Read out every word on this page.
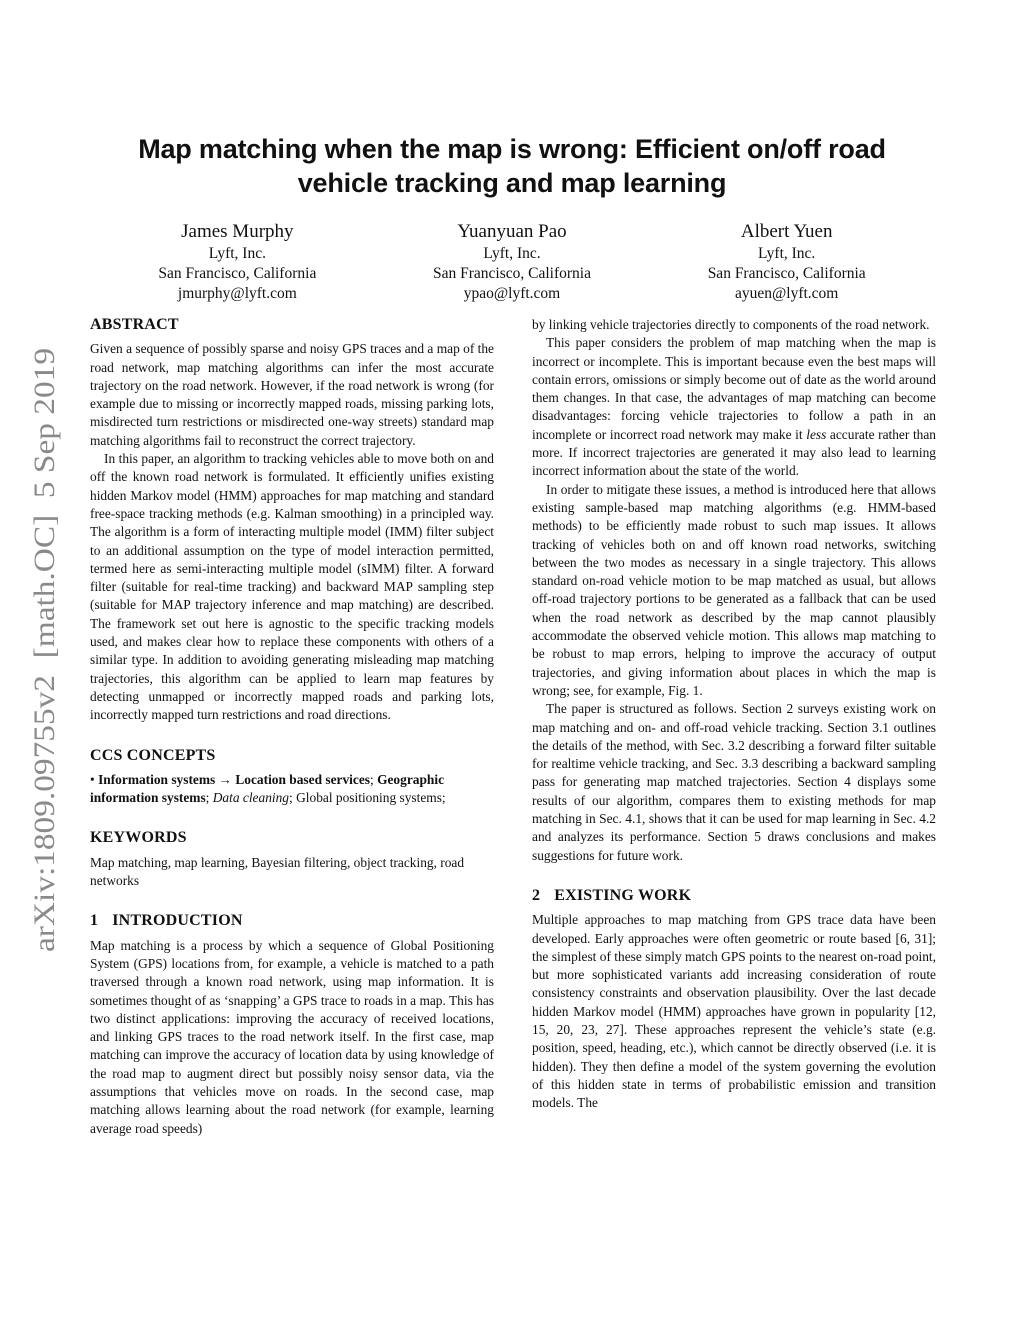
arXiv:1809.09755v2  [math.OC]  5 Sep 2019
Map matching when the map is wrong: Efficient on/off road
vehicle tracking and map learning
James Murphy
Lyft, Inc.
San Francisco, California
jmurphy@lyft.com
Yuanyuan Pao
Lyft, Inc.
San Francisco, California
ypao@lyft.com
Albert Yuen
Lyft, Inc.
San Francisco, California
ayuen@lyft.com
ABSTRACT

Given a sequence of possibly sparse and noisy GPS traces and a map of the road network, map matching algorithms can infer the most accurate trajectory on the road network. However, if the road network is wrong (for example due to missing or incorrectly mapped roads, missing parking lots, misdirected turn restrictions or misdirected one-way streets) standard map matching algorithms fail to reconstruct the correct trajectory.

In this paper, an algorithm to tracking vehicles able to move both on and off the known road network is formulated. It efficiently unifies existing hidden Markov model (HMM) approaches for map matching and standard free-space tracking methods (e.g. Kalman smoothing) in a principled way. The algorithm is a form of interacting multiple model (IMM) filter subject to an additional assumption on the type of model interaction permitted, termed here as semi-interacting multiple model (sIMM) filter. A forward filter (suitable for real-time tracking) and backward MAP sampling step (suitable for MAP trajectory inference and map matching) are described. The framework set out here is agnostic to the specific tracking models used, and makes clear how to replace these components with others of a similar type. In addition to avoiding generating misleading map matching trajectories, this algorithm can be applied to learn map features by detecting unmapped or incorrectly mapped roads and parking lots, incorrectly mapped turn restrictions and road directions.

CCS CONCEPTS

• Information systems → Location based services; Geographic information systems; Data cleaning; Global positioning systems;

KEYWORDS

Map matching, map learning, Bayesian filtering, object tracking, road networks

1 INTRODUCTION

Map matching is a process by which a sequence of Global Positioning System (GPS) locations from, for example, a vehicle is matched to a path traversed through a known road network, using map information. It is sometimes thought of as ‘snapping’ a GPS trace to roads in a map. This has two distinct applications: improving the accuracy of received locations, and linking GPS traces to the road network itself. In the first case, map matching can improve the accuracy of location data by using knowledge of the road map to augment direct but possibly noisy sensor data, via the assumptions that vehicles move on roads. In the second case, map matching allows learning about the road network (for example, learning average road speeds)

by linking vehicle trajectories directly to components of the road network.

This paper considers the problem of map matching when the map is incorrect or incomplete. This is important because even the best maps will contain errors, omissions or simply become out of date as the world around them changes. In that case, the advantages of map matching can become disadvantages: forcing vehicle trajectories to follow a path in an incomplete or incorrect road network may make it less accurate rather than more. If incorrect trajectories are generated it may also lead to learning incorrect information about the state of the world.

In order to mitigate these issues, a method is introduced here that allows existing sample-based map matching algorithms (e.g. HMM-based methods) to be efficiently made robust to such map issues. It allows tracking of vehicles both on and off known road networks, switching between the two modes as necessary in a single trajectory. This allows standard on-road vehicle motion to be map matched as usual, but allows off-road trajectory portions to be generated as a fallback that can be used when the road network as described by the map cannot plausibly accommodate the observed vehicle motion. This allows map matching to be robust to map errors, helping to improve the accuracy of output trajectories, and giving information about places in which the map is wrong; see, for example, Fig. 1.

The paper is structured as follows. Section 2 surveys existing work on map matching and on- and off-road vehicle tracking. Section 3.1 outlines the details of the method, with Sec. 3.2 describing a forward filter suitable for realtime vehicle tracking, and Sec. 3.3 describing a backward sampling pass for generating map matched trajectories. Section 4 displays some results of our algorithm, compares them to existing methods for map matching in Sec. 4.1, shows that it can be used for map learning in Sec. 4.2 and analyzes its performance. Section 5 draws conclusions and makes suggestions for future work.

2 EXISTING WORK

Multiple approaches to map matching from GPS trace data have been developed. Early approaches were often geometric or route based [6, 31]; the simplest of these simply match GPS points to the nearest on-road point, but more sophisticated variants add increasing consideration of route consistency constraints and observation plausibility. Over the last decade hidden Markov model (HMM) approaches have grown in popularity [12, 15, 20, 23, 27]. These approaches represent the vehicle’s state (e.g. position, speed, heading, etc.), which cannot be directly observed (i.e. it is hidden). They then define a model of the system governing the evolution of this hidden state in terms of probabilistic emission and transition models. The
